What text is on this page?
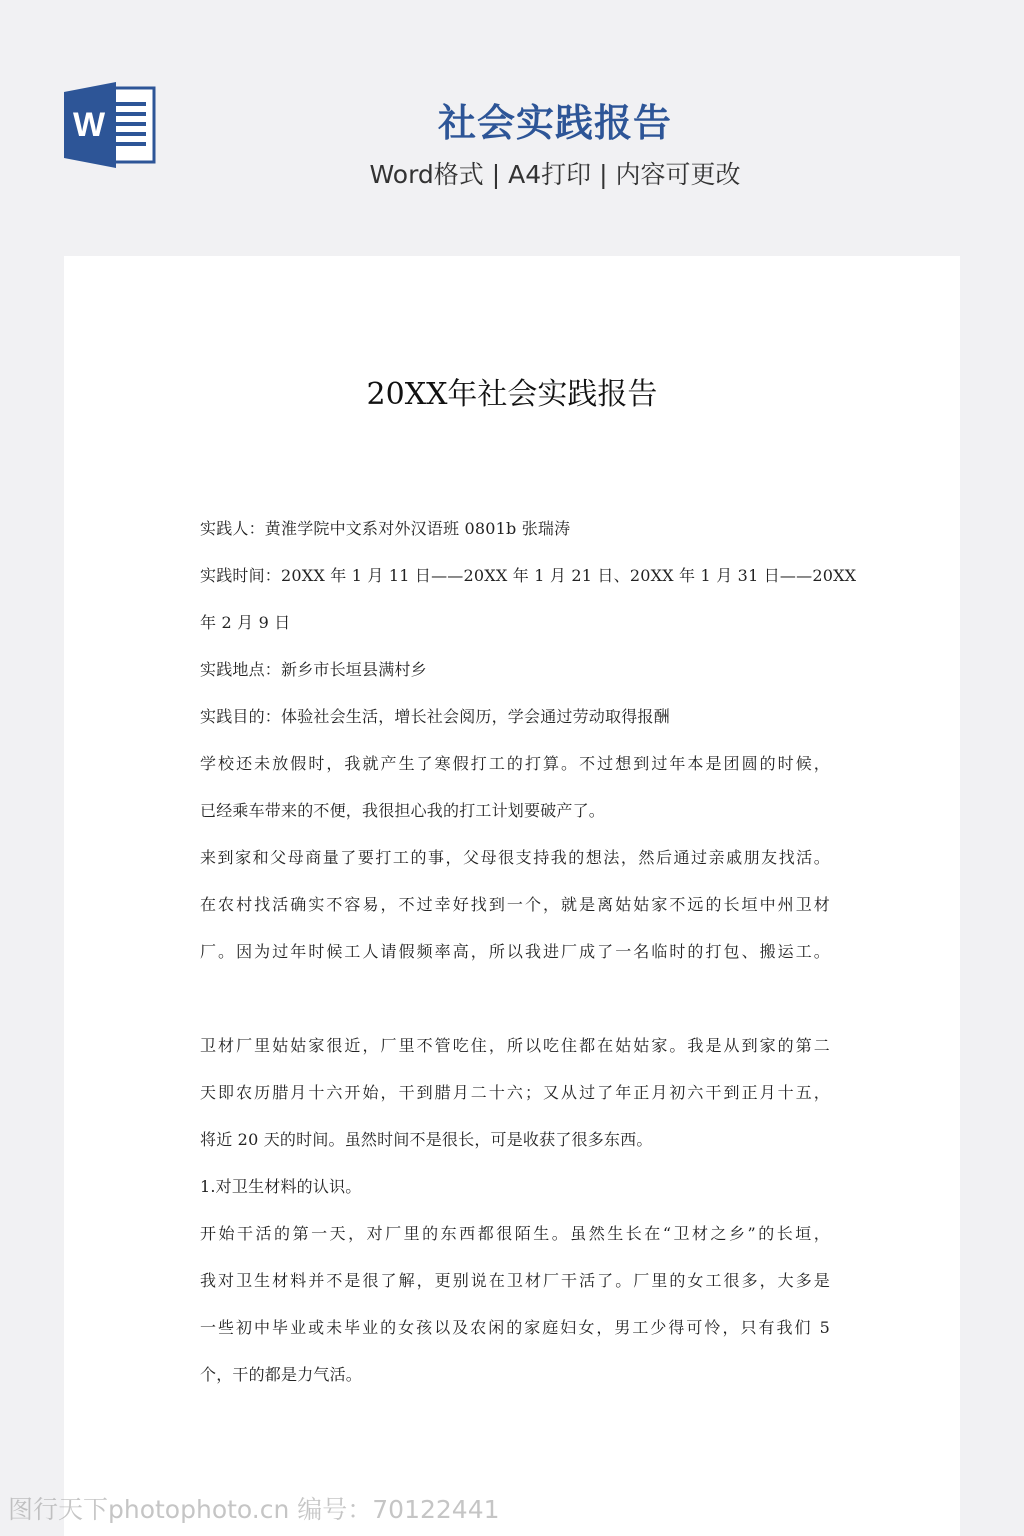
W	社会实践报告
Word格式 | A4打印 | 内容可更改
20XX年社会实践报告
实践人：黄淮学院中文系对外汉语班 0801b 张瑞涛
实践时间：20XX 年 1 月 11 日——20XX 年 1 月 21 日、20XX 年 1 月 31 日——20XX
年 2 月 9 日
实践地点：新乡市长垣县满村乡
实践目的：体验社会生活，增长社会阅历，学会通过劳动取得报酬
学校还未放假时，我就产生了寒假打工的打算。不过想到过年本是团圆的时候，
已经乘车带来的不便，我很担心我的打工计划要破产了。
来到家和父母商量了要打工的事，父母很支持我的想法，然后通过亲戚朋友找活。
在农村找活确实不容易，不过幸好找到一个，就是离姑姑家不远的长垣中州卫材
厂。因为过年时候工人请假频率高，所以我进厂成了一名临时的打包、搬运工。
卫材厂里姑姑家很近，厂里不管吃住，所以吃住都在姑姑家。我是从到家的第二
天即农历腊月十六开始，干到腊月二十六；又从过了年正月初六干到正月十五，
将近 20 天的时间。虽然时间不是很长，可是收获了很多东西。
1.对卫生材料的认识。
开始干活的第一天，对厂里的东西都很陌生。虽然生长在“卫材之乡”的长垣，
我对卫生材料并不是很了解，更别说在卫材厂干活了。厂里的女工很多，大多是
一些初中毕业或未毕业的女孩以及农闲的家庭妇女，男工少得可怜，只有我们 5
个，干的都是力气活。
图行天下photophoto.cn 编号：70122441
